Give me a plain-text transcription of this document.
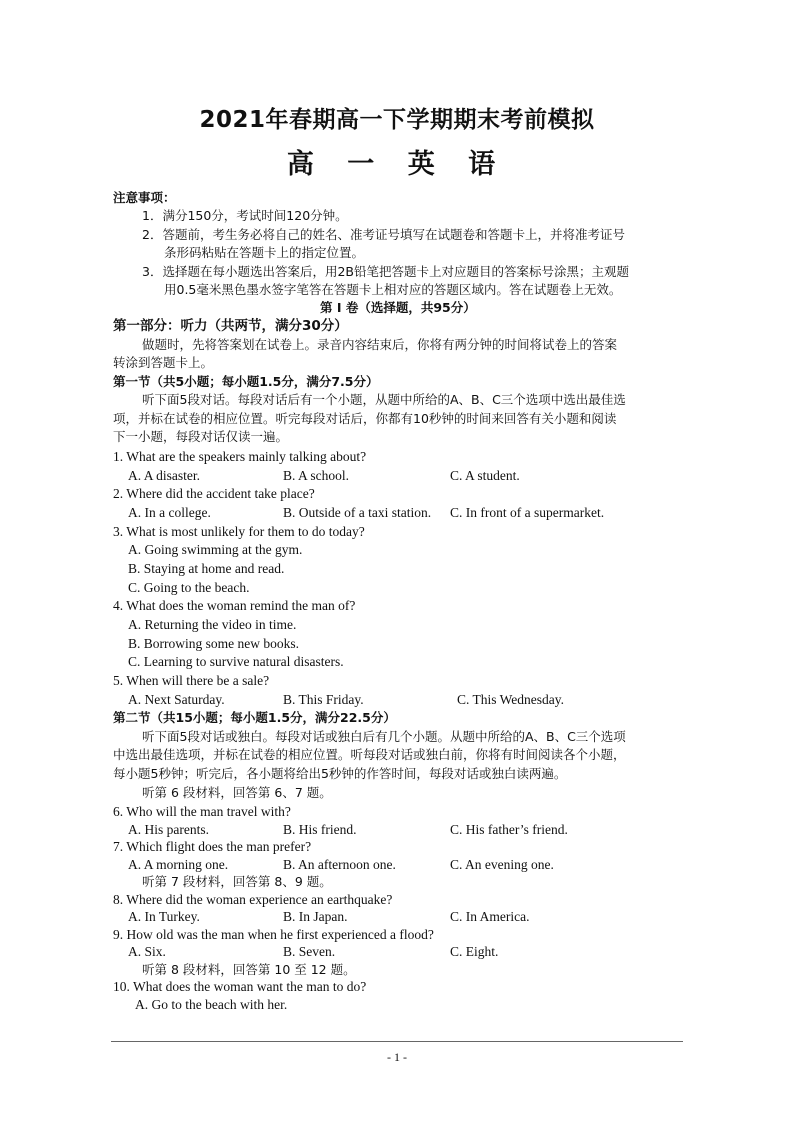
2021年春期高一下学期期末考前模拟
高 一 英 语
注意事项：
1．满分150分，考试时间120分钟。
2．答题前，考生务必将自己的姓名、准考证号填写在试题卷和答题卡上，并将准考证号
条形码粘贴在答题卡上的指定位置。
3．选择题在每小题选出答案后，用2B铅笔把答题卡上对应题目的答案标号涂黑；主观题
用0.5毫米黑色墨水签字笔答在答题卡上相对应的答题区域内。答在试题卷上无效。
第 Ⅰ 卷（选择题，共95分）
第一部分：听力（共两节，满分30分）
做题时，先将答案划在试卷上。录音内容结束后，你将有两分钟的时间将试卷上的答案
转涂到答题卡上。
第一节（共5小题；每小题1.5分，满分7.5分）
听下面5段对话。每段对话后有一个小题，从题中所给的A、B、C三个选项中选出最佳选
项，并标在试卷的相应位置。听完每段对话后，你都有10秒钟的时间来回答有关小题和阅读
下一小题，每段对话仅读一遍。
1. What are the speakers mainly talking about?
A. A disaster.	B. A school.	C. A student.
2. Where did the accident take place?
A. In a college.	B. Outside of a taxi station. C. In front of a supermarket.
3. What is most unlikely for them to do today?
A. Going swimming at the gym.
B. Staying at home and read.
C. Going to the beach.
4. What does the woman remind the man of?
A. Returning the video in time.
B. Borrowing some new books.
C. Learning to survive natural disasters.
5. When will there be a sale?
A. Next Saturday.	B. This Friday.	C. This Wednesday.
第二节（共15小题；每小题1.5分，满分22.5分）
听下面5段对话或独白。每段对话或独白后有几个小题。从题中所给的A、B、C三个选项
中选出最佳选项，并标在试卷的相应位置。听每段对话或独白前，你将有时间阅读各个小题，
每小题5秒钟；听完后，各小题将给出5秒钟的作答时间，每段对话或独白读两遍。
听第 6 段材料，回答第 6、7 题。
6. Who will the man travel with?
A. His parents.	B. His friend.	C. His father’s friend.
7. Which flight does the man prefer?
A. A morning one.	B. An afternoon one.	C. An evening one.
听第 7 段材料，回答第 8、9 题。
8. Where did the woman experience an earthquake?
A. In Turkey.	B. In Japan.	C. In America.
9. How old was the man when he first experienced a flood?
A. Six.	B. Seven.	C. Eight.
听第 8 段材料，回答第 10 至 12 题。
10. What does the woman want the man to do?
A. Go to the beach with her.
- 1 -
